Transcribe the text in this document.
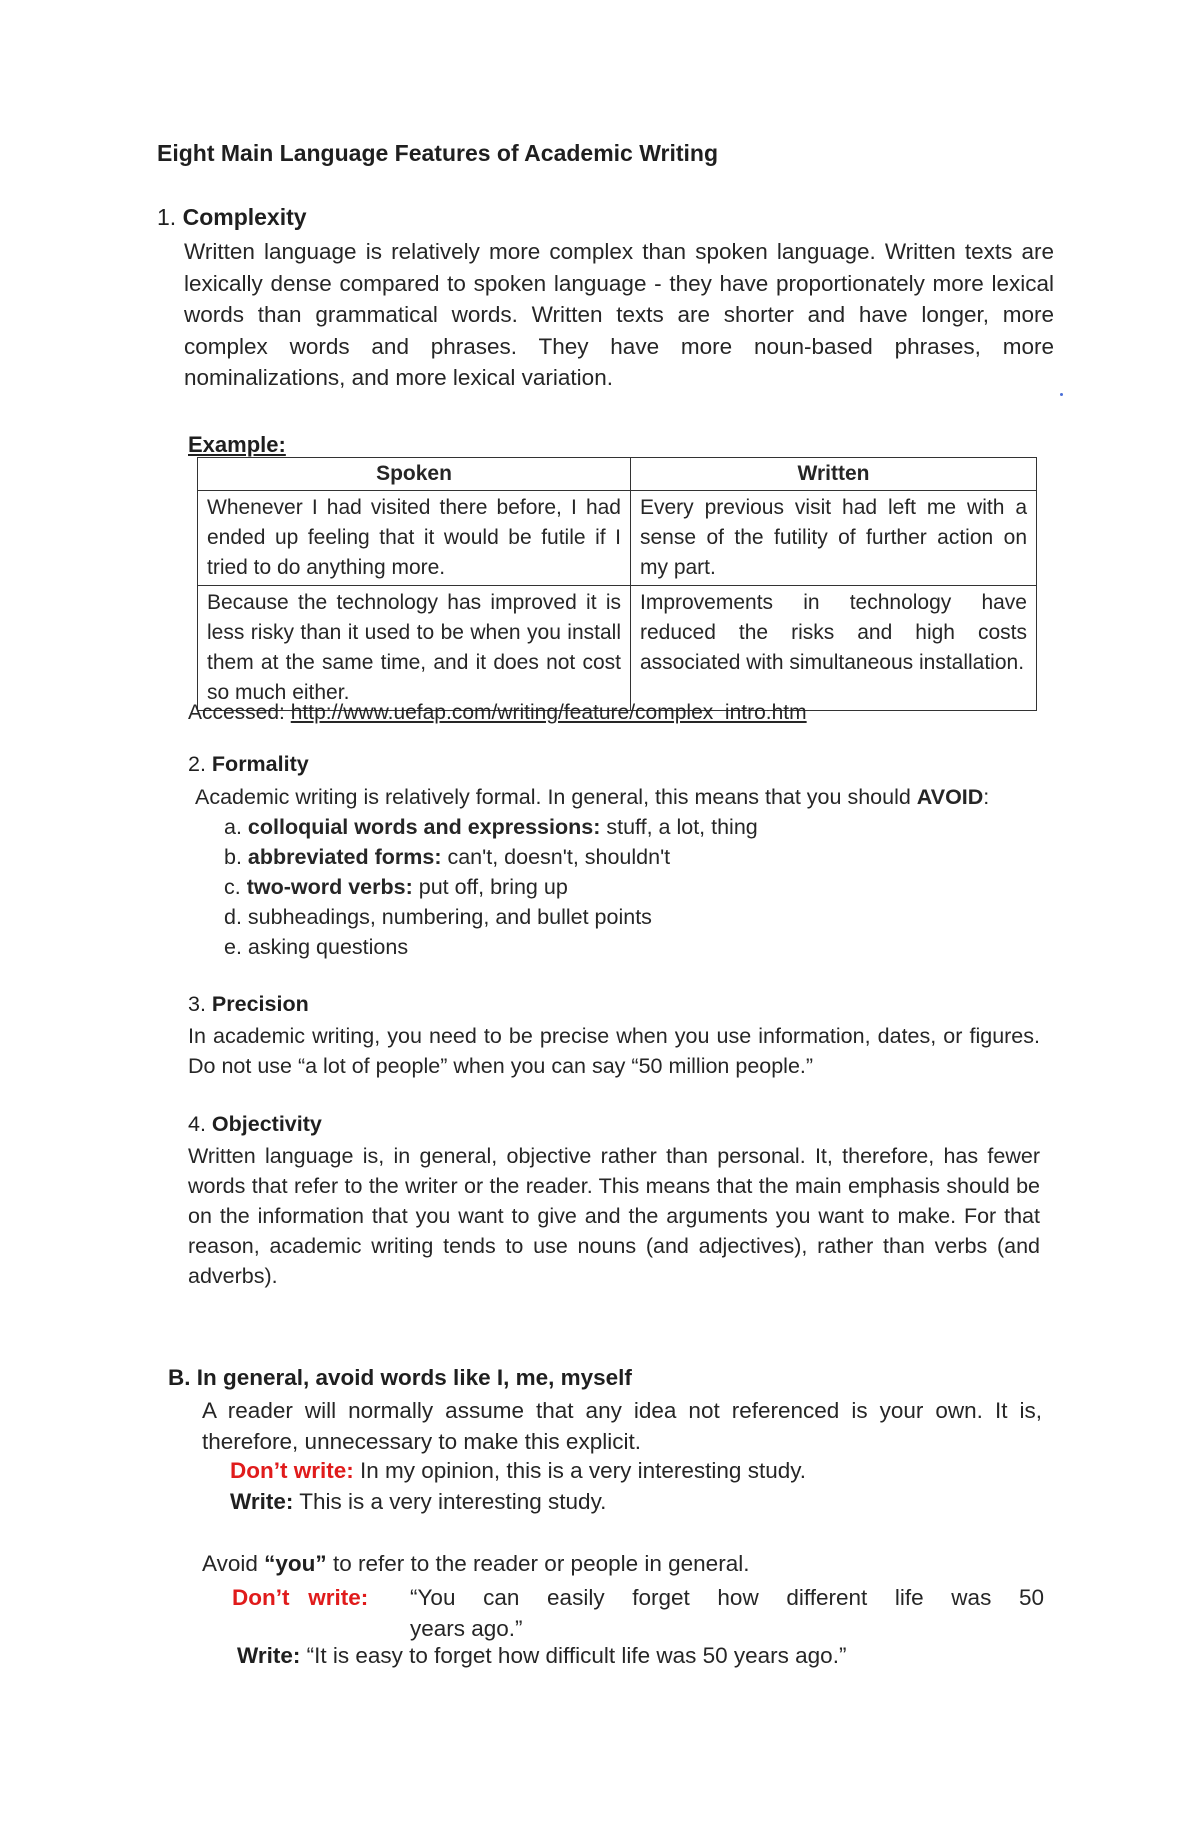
Eight Main Language Features of Academic Writing
1. Complexity
Written language is relatively more complex than spoken language. Written texts are lexically dense compared to spoken language - they have proportionately more lexical words than grammatical words. Written texts are shorter and have longer, more complex words and phrases. They have more noun-based phrases, more nominalizations, and more lexical variation.
Example:
Spoken	Written
Whenever I had visited there before, I had ended up feeling that it would be futile if I tried to do anything more.	Every previous visit had left me with a sense of the futility of further action on my part.
Because the technology has improved it is less risky than it used to be when you install them at the same time, and it does not cost so much either.	Improvements in technology have reduced the risks and high costs associated with simultaneous installation.
Accessed: http://www.uefap.com/writing/feature/complex_intro.htm
2. Formality
Academic writing is relatively formal. In general, this means that you should AVOID:
a. colloquial words and expressions: stuff, a lot, thing
b. abbreviated forms: can't, doesn't, shouldn't
c. two-word verbs: put off, bring up
d. subheadings, numbering, and bullet points
e. asking questions
3. Precision
In academic writing, you need to be precise when you use information, dates, or figures. Do not use “a lot of people” when you can say “50 million people.”
4. Objectivity
Written language is, in general, objective rather than personal. It, therefore, has fewer words that refer to the writer or the reader. This means that the main emphasis should be on the information that you want to give and the arguments you want to make. For that reason, academic writing tends to use nouns (and adjectives), rather than verbs (and adverbs).
B. In general, avoid words like I, me, myself
A reader will normally assume that any idea not referenced is your own. It is, therefore, unnecessary to make this explicit.
Don’t write: In my opinion, this is a very interesting study.
Write: This is a very interesting study.
Avoid “you” to refer to the reader or people in general.
Don’t   write:	“You can easily forget how different life was 50
years ago.”
Write: “It is easy to forget how difficult life was 50 years ago.”
